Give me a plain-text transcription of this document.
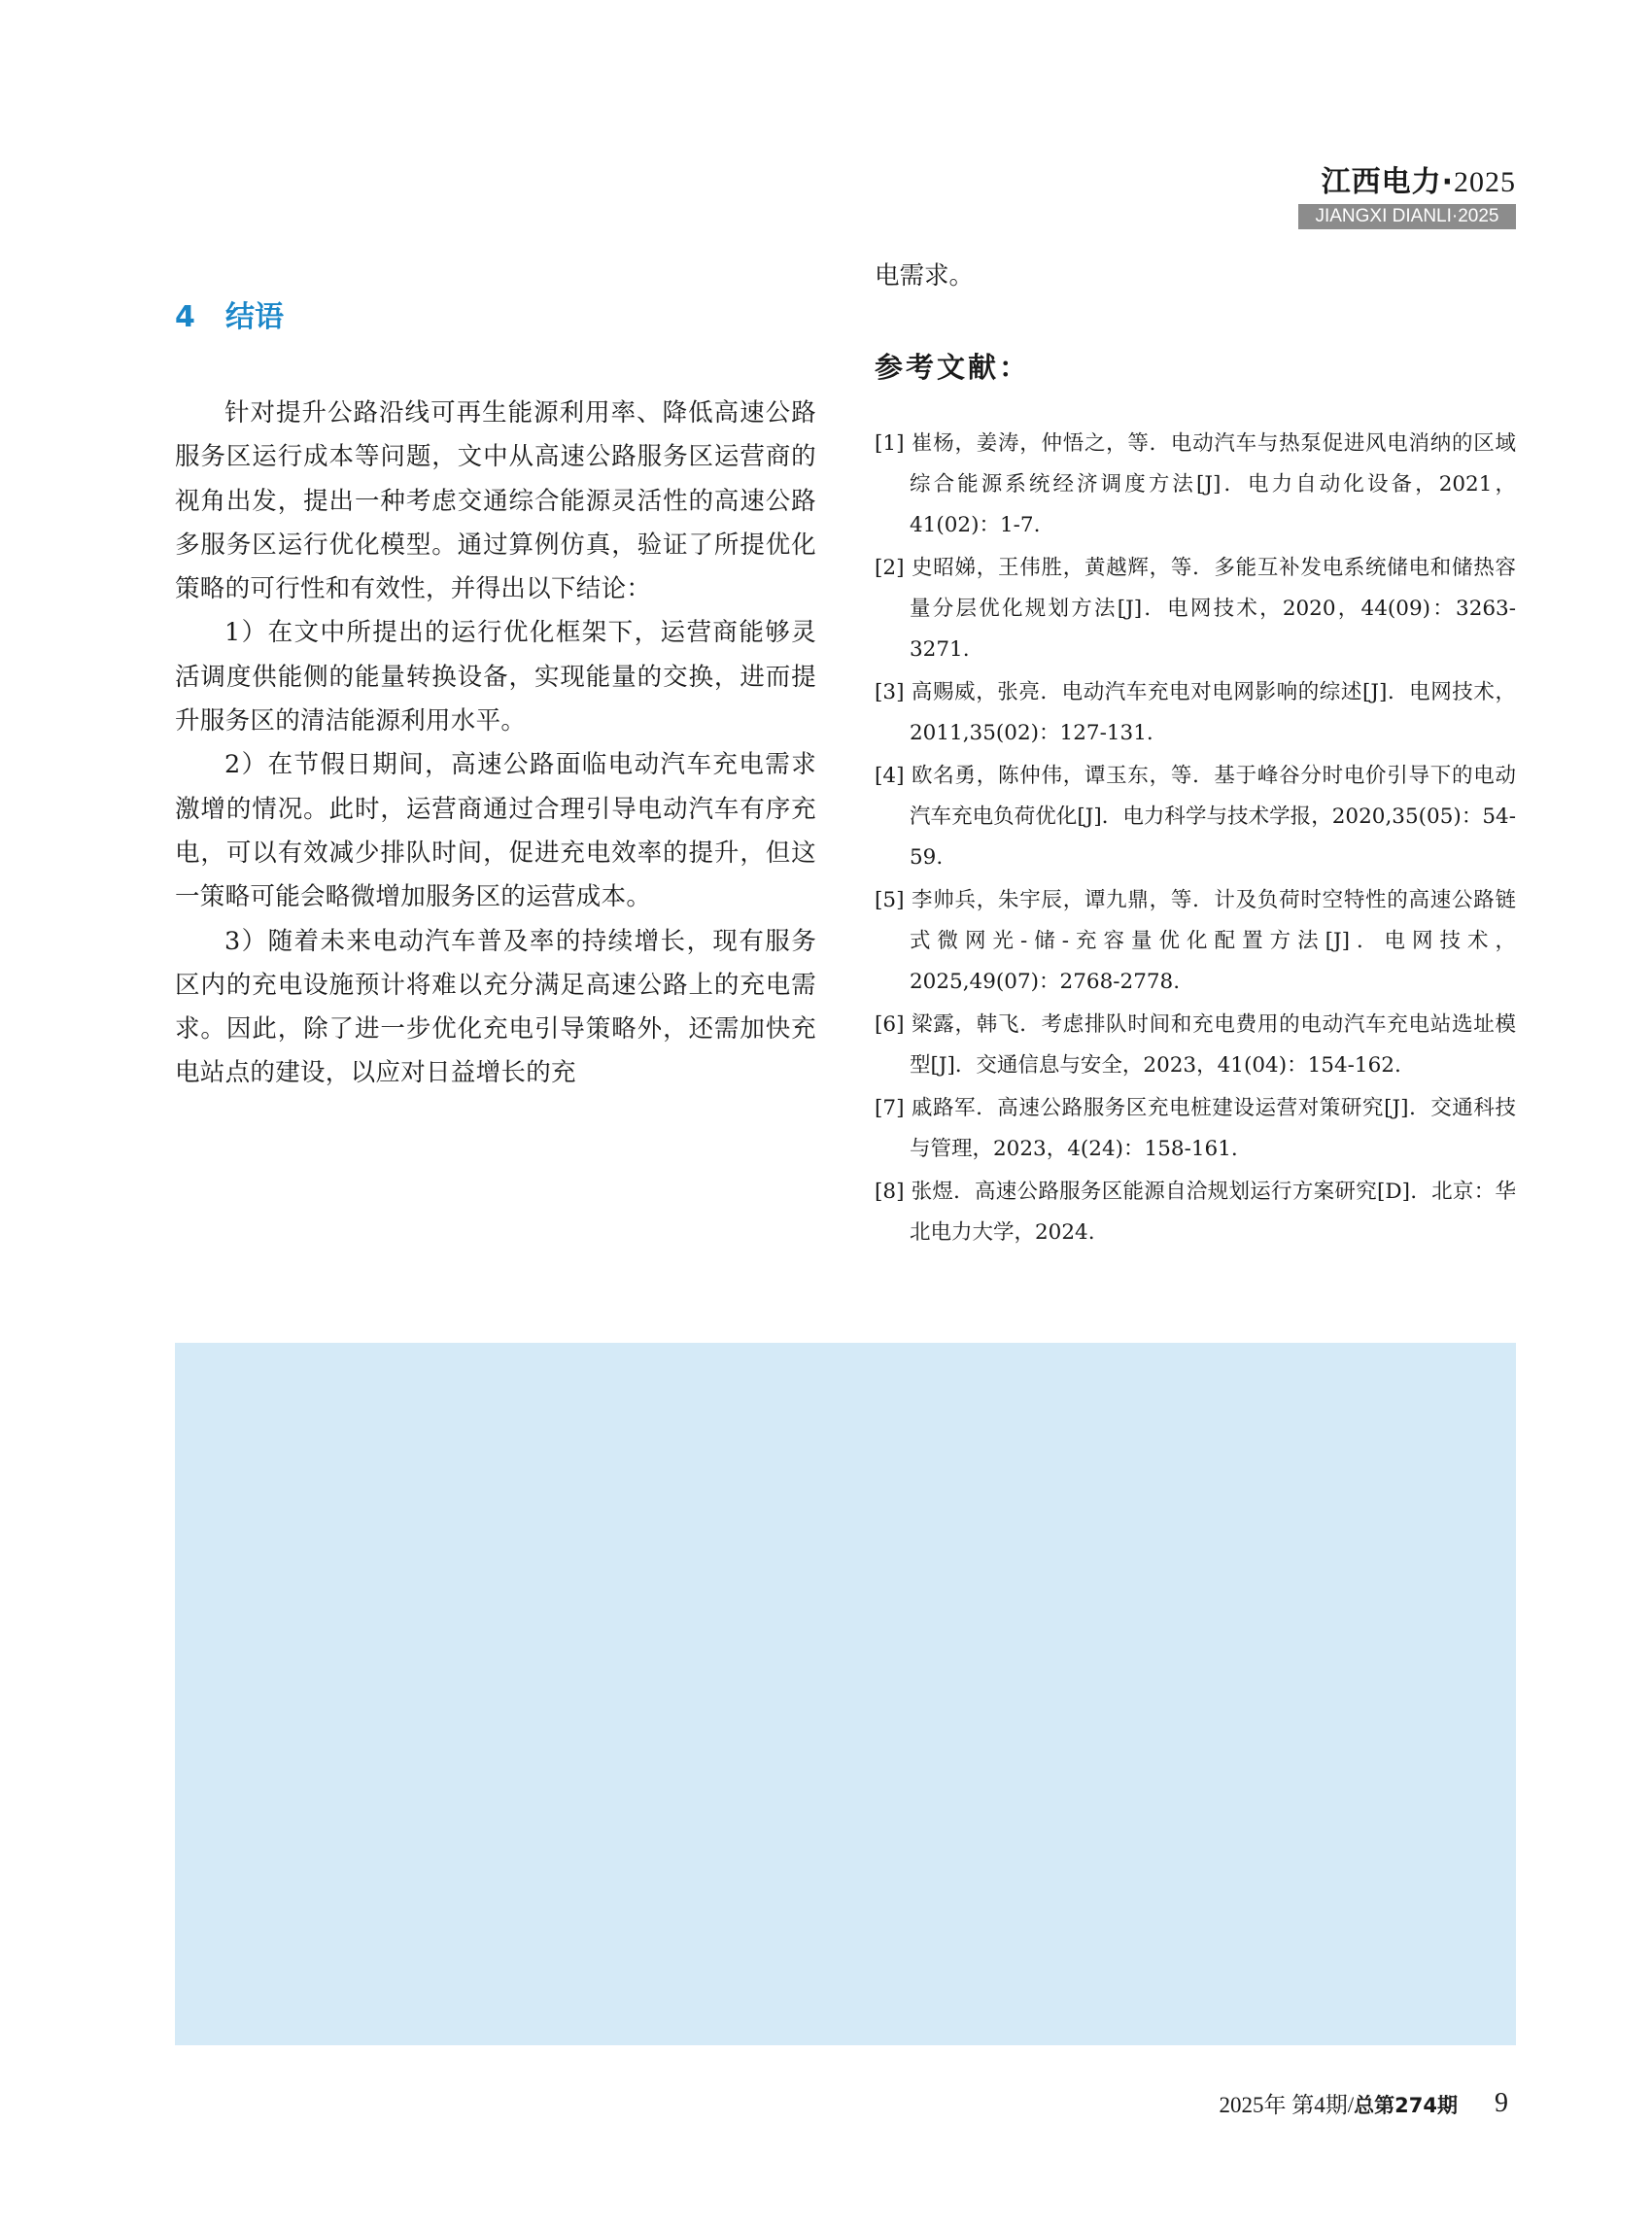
江西电力·2025
JIANGXI DIANLI·2025
4 结语

针对提升公路沿线可再生能源利用率、降低高速公路服务区运行成本等问题，文中从高速公路服务区运营商的视角出发，提出一种考虑交通综合能源灵活性的高速公路多服务区运行优化模型。通过算例仿真，验证了所提优化策略的可行性和有效性，并得出以下结论：

1）在文中所提出的运行优化框架下，运营商能够灵活调度供能侧的能量转换设备，实现能量的交换，进而提升服务区的清洁能源利用水平。

2）在节假日期间，高速公路面临电动汽车充电需求激增的情况。此时，运营商通过合理引导电动汽车有序充电，可以有效减少排队时间，促进充电效率的提升，但这一策略可能会略微增加服务区的运营成本。

3）随着未来电动汽车普及率的持续增长，现有服务区内的充电设施预计将难以充分满足高速公路上的充电需求。因此，除了进一步优化充电引导策略外，还需加快充电站点的建设，以应对日益增长的充

电需求。

参考文献：

[1] 崔杨，姜涛，仲悟之，等．电动汽车与热泵促进风电消纳的区域综合能源系统经济调度方法[J]．电力自动化设备，2021，41(02)：1-7.

[2] 史昭娣，王伟胜，黄越辉，等．多能互补发电系统储电和储热容量分层优化规划方法[J]．电网技术，2020，44(09)：3263-3271.

[3] 高赐威，张亮．电动汽车充电对电网影响的综述[J]．电网技术，2011,35(02)：127-131.

[4] 欧名勇，陈仲伟，谭玉东，等．基于峰谷分时电价引导下的电动汽车充电负荷优化[J]．电力科学与技术学报，2020,35(05)：54-59.

[5] 李帅兵，朱宇辰，谭九鼎，等．计及负荷时空特性的高速公路链式微网光-储-充容量优化配置方法[J]．电网技术，2025,49(07)：2768-2778.

[6] 梁露，韩飞．考虑排队时间和充电费用的电动汽车充电站选址模型[J]．交通信息与安全，2023，41(04)：154-162.

[7] 戚路军．高速公路服务区充电桩建设运营对策研究[J]．交通科技与管理，2023，4(24)：158-161.

[8] 张煜．高速公路服务区能源自洽规划运行方案研究[D]．北京：华北电力大学，2024.

2025年 第4期/总第274期 9
